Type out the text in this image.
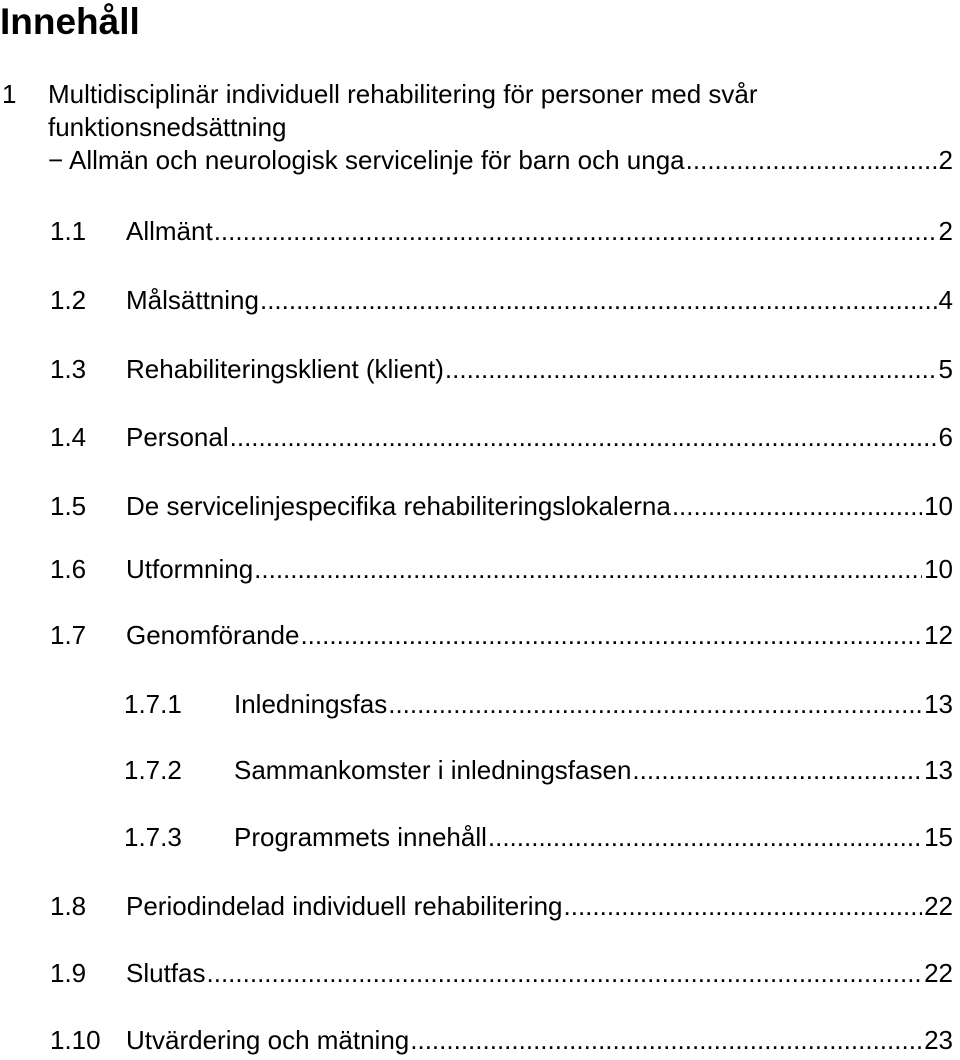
Innehåll
1 Multidisciplinär individuell rehabilitering för personer med svår
funktionsnedsättning
− Allmän och neurologisk servicelinje för barn och unga .....	2
1.1 Allmänt .....	2
1.2 Målsättning .....	4
1.3 Rehabiliteringsklient (klient) .....	5
1.4 Personal .....	6
1.5 De servicelinjespecifika rehabiliteringslokalerna .....	10
1.6 Utformning .....	10
1.7 Genomförande .....	12
1.7.1 Inledningsfas .....	13
1.7.2 Sammankomster i inledningsfasen .....	13
1.7.3 Programmets innehåll .....	15
1.8 Periodindelad individuell rehabilitering .....	22
1.9 Slutfas .....	22
1.10 Utvärdering och mätning .....	23
